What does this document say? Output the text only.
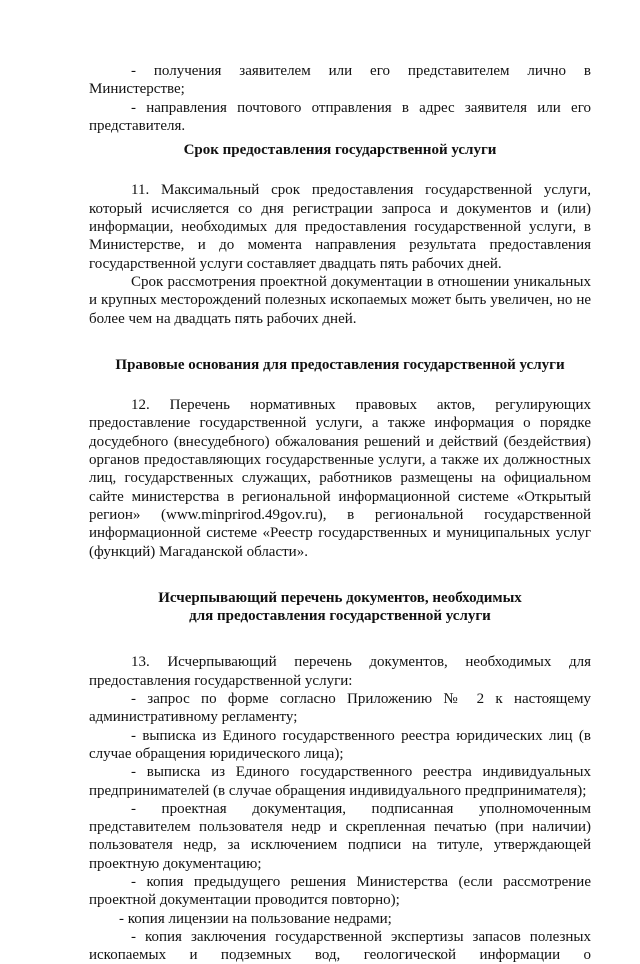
- получения заявителем или его представителем лично в Министерстве;

- направления почтового отправления в адрес заявителя или его представителя.

Срок предоставления государственной услуги

11. Максимальный срок предоставления государственной услуги, который исчисляется со дня регистрации запроса и документов и (или) информации, необходимых для предоставления государственной услуги, в Министерстве, и до момента направления результата предоставления государственной услуги составляет двадцать пять рабочих дней.

Срок рассмотрения проектной документации в отношении уникальных и крупных месторождений полезных ископаемых может быть увеличен, но не более чем на двадцать пять рабочих дней.

Правовые основания для предоставления государственной услуги

12. Перечень нормативных правовых актов, регулирующих предоставление государственной услуги, а также информация о порядке досудебного (внесудебного) обжалования решений и действий (бездействия) органов предоставляющих государственные услуги, а также их должностных лиц, государственных служащих, работников размещены на официальном сайте министерства в региональной информационной системе «Открытый регион» (www.minprirod.49gov.ru), в региональной государственной информационной системе «Реестр государственных и муниципальных услуг (функций) Магаданской области».

Исчерпывающий перечень документов, необходимых

для предоставления государственной услуги

13. Исчерпывающий перечень документов, необходимых для предоставления государственной услуги:

- запрос по форме согласно Приложению № 2 к настоящему административному регламенту;

- выписка из Единого государственного реестра юридических лиц (в случае обращения юридического лица);

- выписка из Единого государственного реестра индивидуальных предпринимателей (в случае обращения индивидуального предпринимателя);

- проектная документация, подписанная уполномоченным представителем пользователя недр и скрепленная печатью (при наличии) пользователя недр, за исключением подписи на титуле, утверждающей проектную документацию;

- копия предыдущего решения Министерства (если рассмотрение проектной документации проводится повторно);

- копия лицензии на пользование недрами;

- копия заключения государственной экспертизы запасов полезных ископаемых и подземных вод, геологической информации о
